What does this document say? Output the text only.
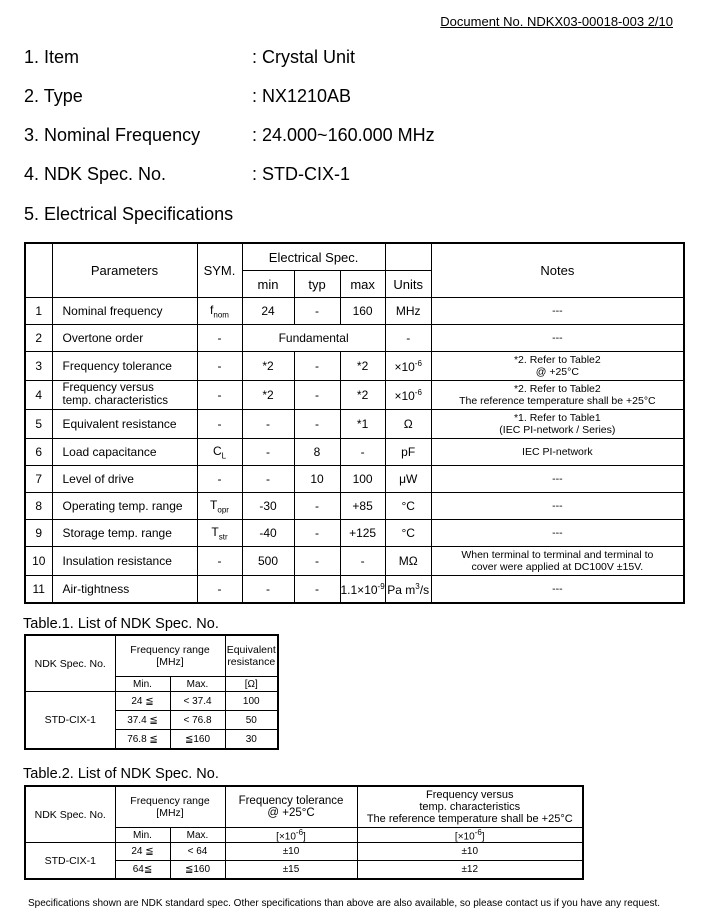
Document No. NDKX03-00018-003 2/10
1. Item	: Crystal Unit
2. Type	: NX1210AB
3. Nominal Frequency	: 24.000~160.000 MHz
4. NDK Spec. No.	: STD-CIX-1
5. Electrical Specifications
	Parameters	SYM.	Electrical Spec.				Notes
			min	typ	max	Units	
1	Nominal frequency	$f_{nom}$	24	-	160	MHz	---
2	Overtone order	-	Fundamental			-	---
3	Frequency tolerance	-	*2	-	*2	$\times 10^{-6}$	*2. Refer to Table2
@ +25°C
4	Frequency versus
temp. characteristics	-	*2	-	*2	$\times 10^{-6}$	*2. Refer to Table2
The reference temperature shall be +25°C
5	Equivalent resistance	-	-	-	*1	Ω	*1. Refer to Table1
(IEC PI-network / Series)
6	Load capacitance	$C_L$	-	8	-	pF	IEC PI-network
7	Level of drive	-	-	10	100	μW	---
8	Operating temp. range	$T_{opr}$	-30	-	+85	°C	---
9	Storage temp. range	$T_{str}$	-40	-	+125	°C	---
10	Insulation resistance	-	500	-	-	MΩ	When terminal to terminal and terminal to
cover were applied at DC100V ±15V.
11	Air-tightness	-	-	-	$1.1\times 10^{-9}$	Pa $m^3/s$	---
Table.1. List of NDK Spec. No.
NDK Spec. No.	Frequency range
[MHz]		Equivalent
resistance
	Min.	Max.	[Ω]
STD-CIX-1	24 ≦	< 37.4	100
	37.4 ≦	< 76.8	50
	76.8 ≦	≦160	30
Table.2. List of NDK Spec. No.
NDK Spec. No.	Frequency range
[MHz]		Frequency tolerance
@ +25°C	Frequency versus
temp. characteristics
The reference temperature shall be +25°C
	Min.	Max.	$[\times 10^{-6}]$	$[\times 10^{-6}]$
STD-CIX-1	24 ≦	< 64	±10	±10
	64≦	≦160	±15	±12
Specifications shown are NDK standard spec. Other specifications than above are also available, so please contact us if you have any request.
